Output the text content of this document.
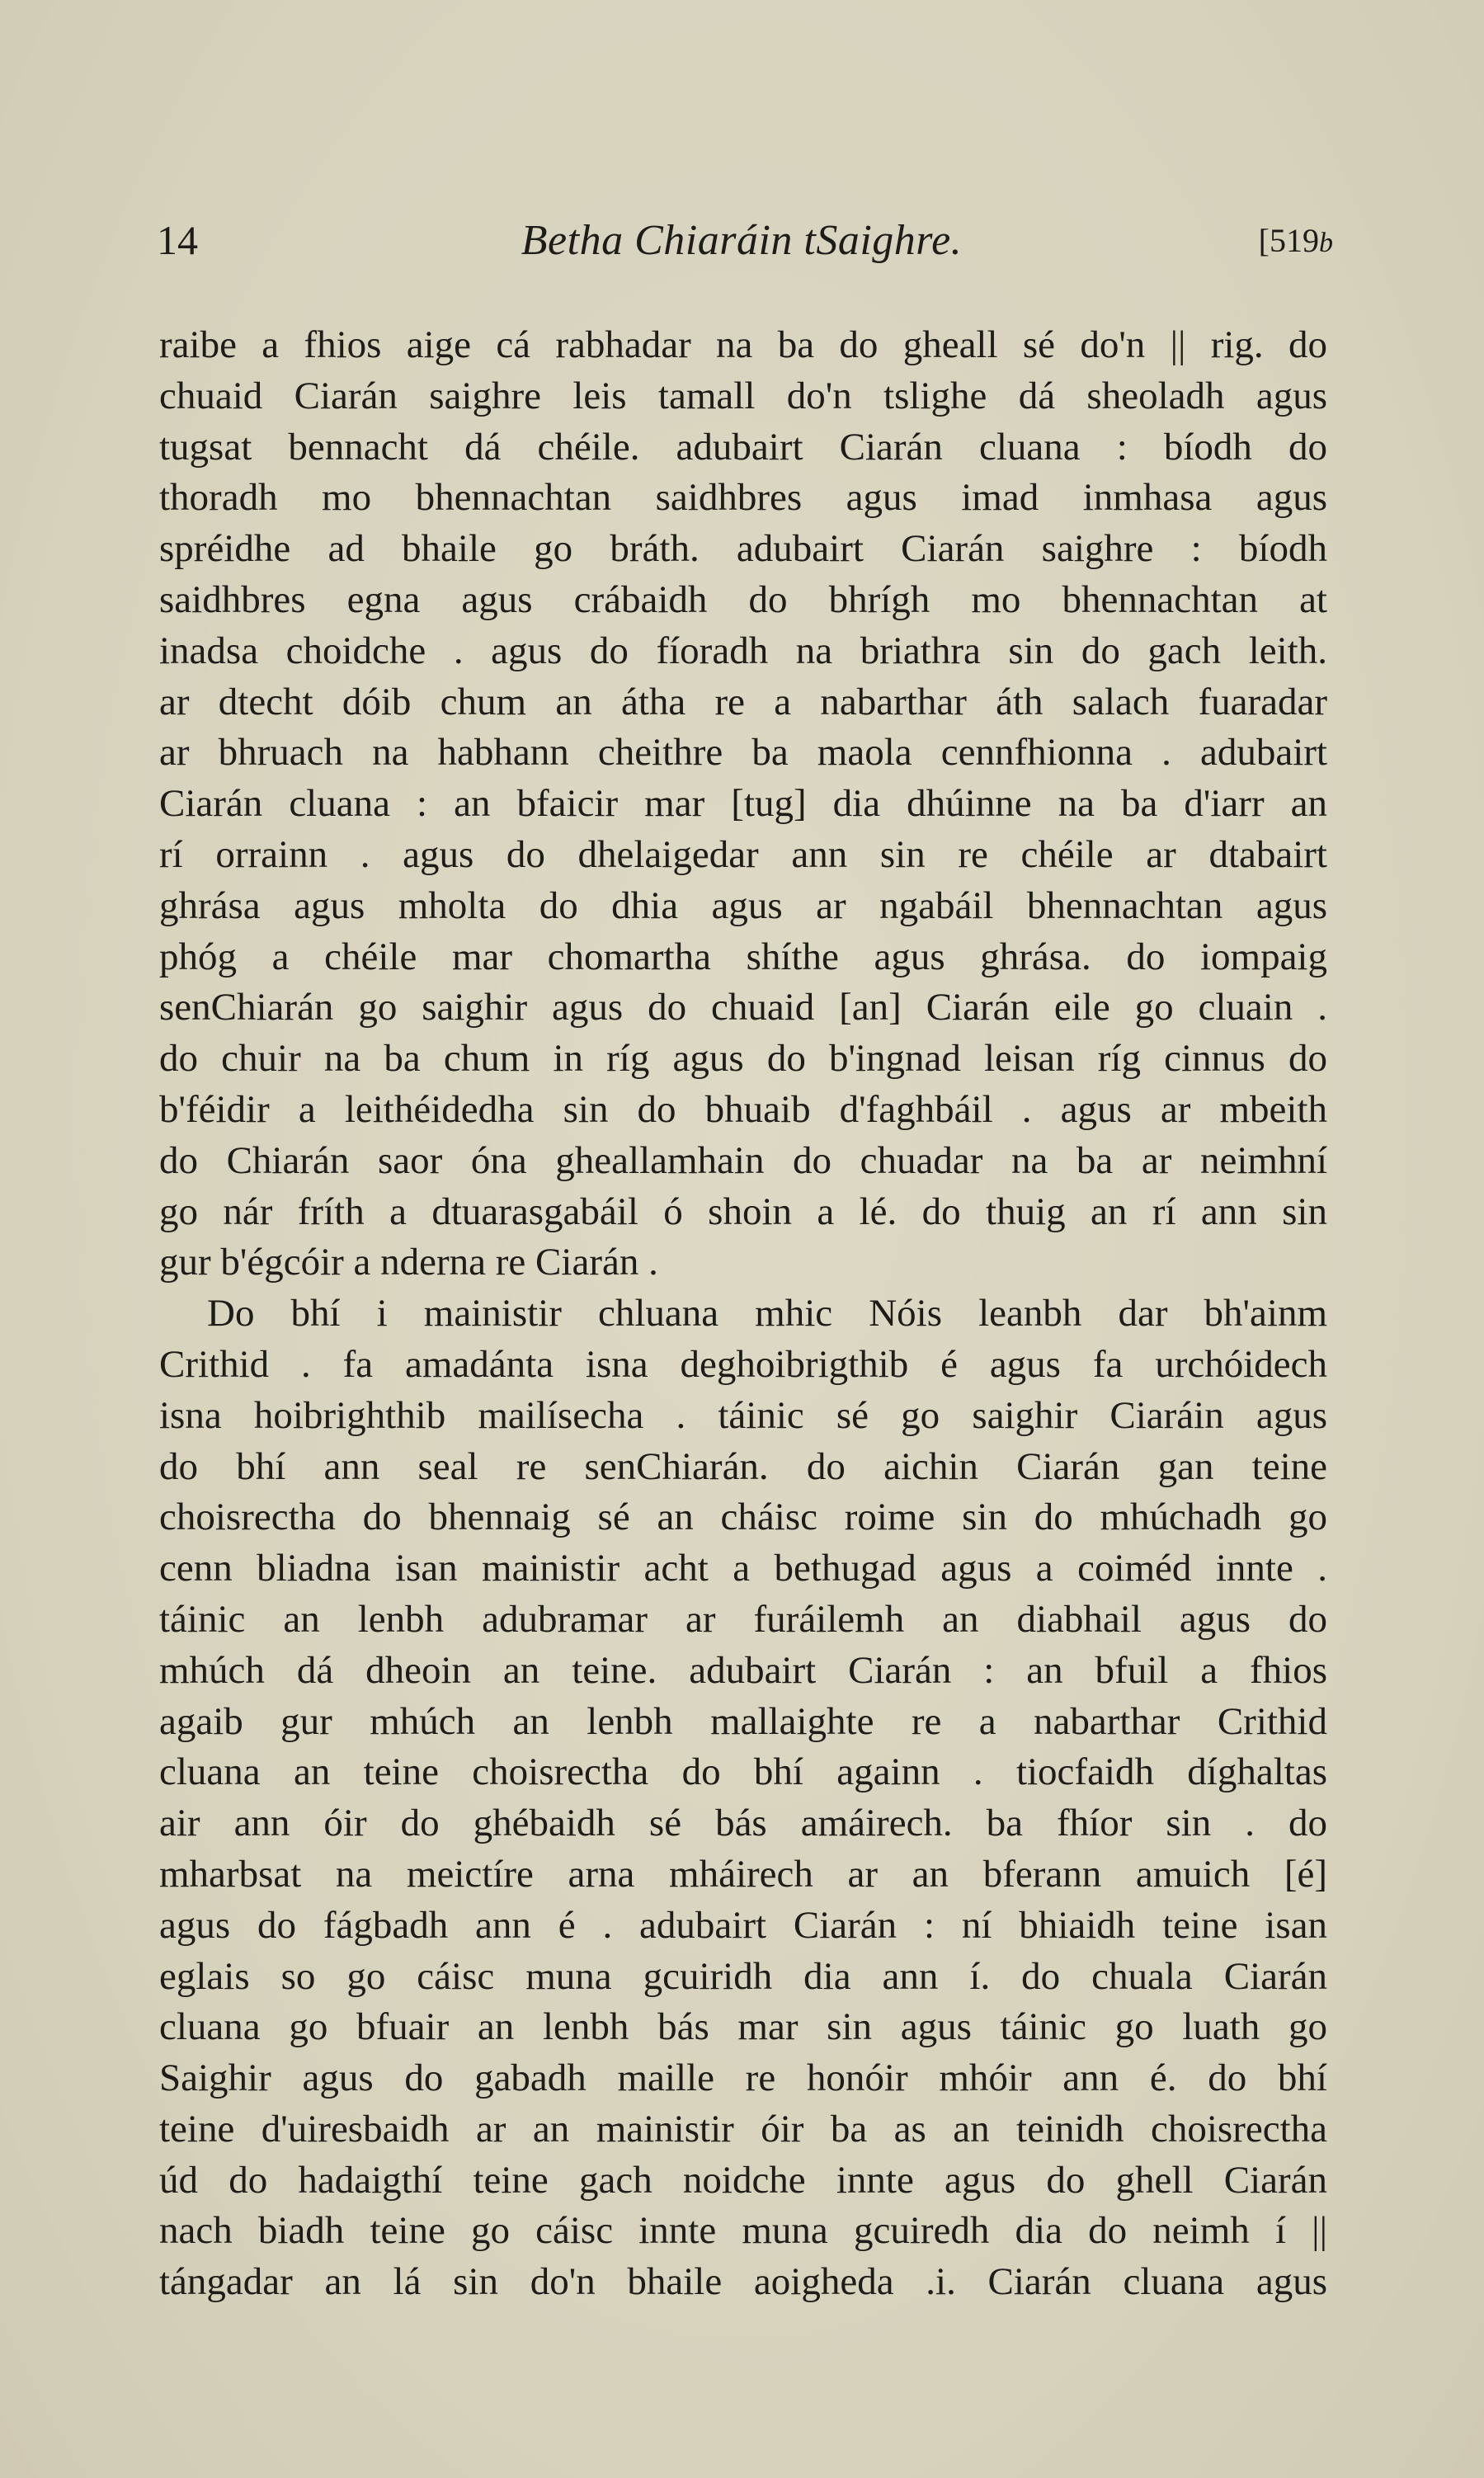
14	Betha Chiaráin tSaighre.	[519b
raibe a fhios aige cá rabhadar na ba do gheall sé do'n || rig. do
chuaid Ciarán saighre leis tamall do'n tslighe dá sheoladh agus
tugsat bennacht dá chéile. adubairt Ciarán cluana : bíodh do
thoradh mo bhennachtan saidhbres agus imad inmhasa agus
spréidhe ad bhaile go bráth. adubairt Ciarán saighre : bíodh
saidhbres egna agus crábaidh do bhrígh mo bhennachtan at
inadsa choidche . agus do fíoradh na briathra sin do gach leith.
ar dtecht dóib chum an átha re a nabarthar áth salach fuaradar
ar bhruach na habhann cheithre ba maola cennfhionna . adubairt
Ciarán cluana : an bfaicir mar [tug] dia dhúinne na ba d'iarr an
rí orrainn . agus do dhelaigedar ann sin re chéile ar dtabairt
ghrása agus mholta do dhia agus ar ngabáil bhennachtan agus
phóg a chéile mar chomartha shíthe agus ghrása. do iompaig
senChiarán go saighir agus do chuaid [an] Ciarán eile go cluain .
do chuir na ba chum in ríg agus do b'ingnad leisan ríg cinnus do
b'féidir a leithéidedha sin do bhuaib d'faghbáil . agus ar mbeith
do Chiarán saor óna gheallamhain do chuadar na ba ar neimhní
go nár fríth a dtuarasgabáil ó shoin a lé. do thuig an rí ann sin
gur b'égcóir a nderna re Ciarán .
Do bhí i mainistir chluana mhic Nóis leanbh dar bh'ainm
Crithid . fa amadánta isna deghoibrigthib é agus fa urchóidech
isna hoibrighthib mailísecha . táinic sé go saighir Ciaráin agus
do bhí ann seal re senChiarán. do aichin Ciarán gan teine
choisrectha do bhennaig sé an cháisc roime sin do mhúchadh go
cenn bliadna isan mainistir acht a bethugad agus a coiméd innte .
táinic an lenbh adubramar ar furáilemh an diabhail agus do
mhúch dá dheoin an teine. adubairt Ciarán : an bfuil a fhios
agaib gur mhúch an lenbh mallaighte re a nabarthar Crithid
cluana an teine choisrectha do bhí againn . tiocfaidh díghaltas
air ann óir do ghébaidh sé bás amáirech. ba fhíor sin . do
mharbsat na meictíre arna mháirech ar an bferann amuich [é]
agus do fágbadh ann é . adubairt Ciarán : ní bhiaidh teine isan
eglais so go cáisc muna gcuiridh dia ann í. do chuala Ciarán
cluana go bfuair an lenbh bás mar sin agus táinic go luath go
Saighir agus do gabadh maille re honóir mhóir ann é. do bhí
teine d'uiresbaidh ar an mainistir óir ba as an teinidh choisrectha
úd do hadaigthí teine gach noidche innte agus do ghell Ciarán
nach biadh teine go cáisc innte muna gcuiredh dia do neimh í ||
tángadar an lá sin do'n bhaile aoigheda .i. Ciarán cluana agus
